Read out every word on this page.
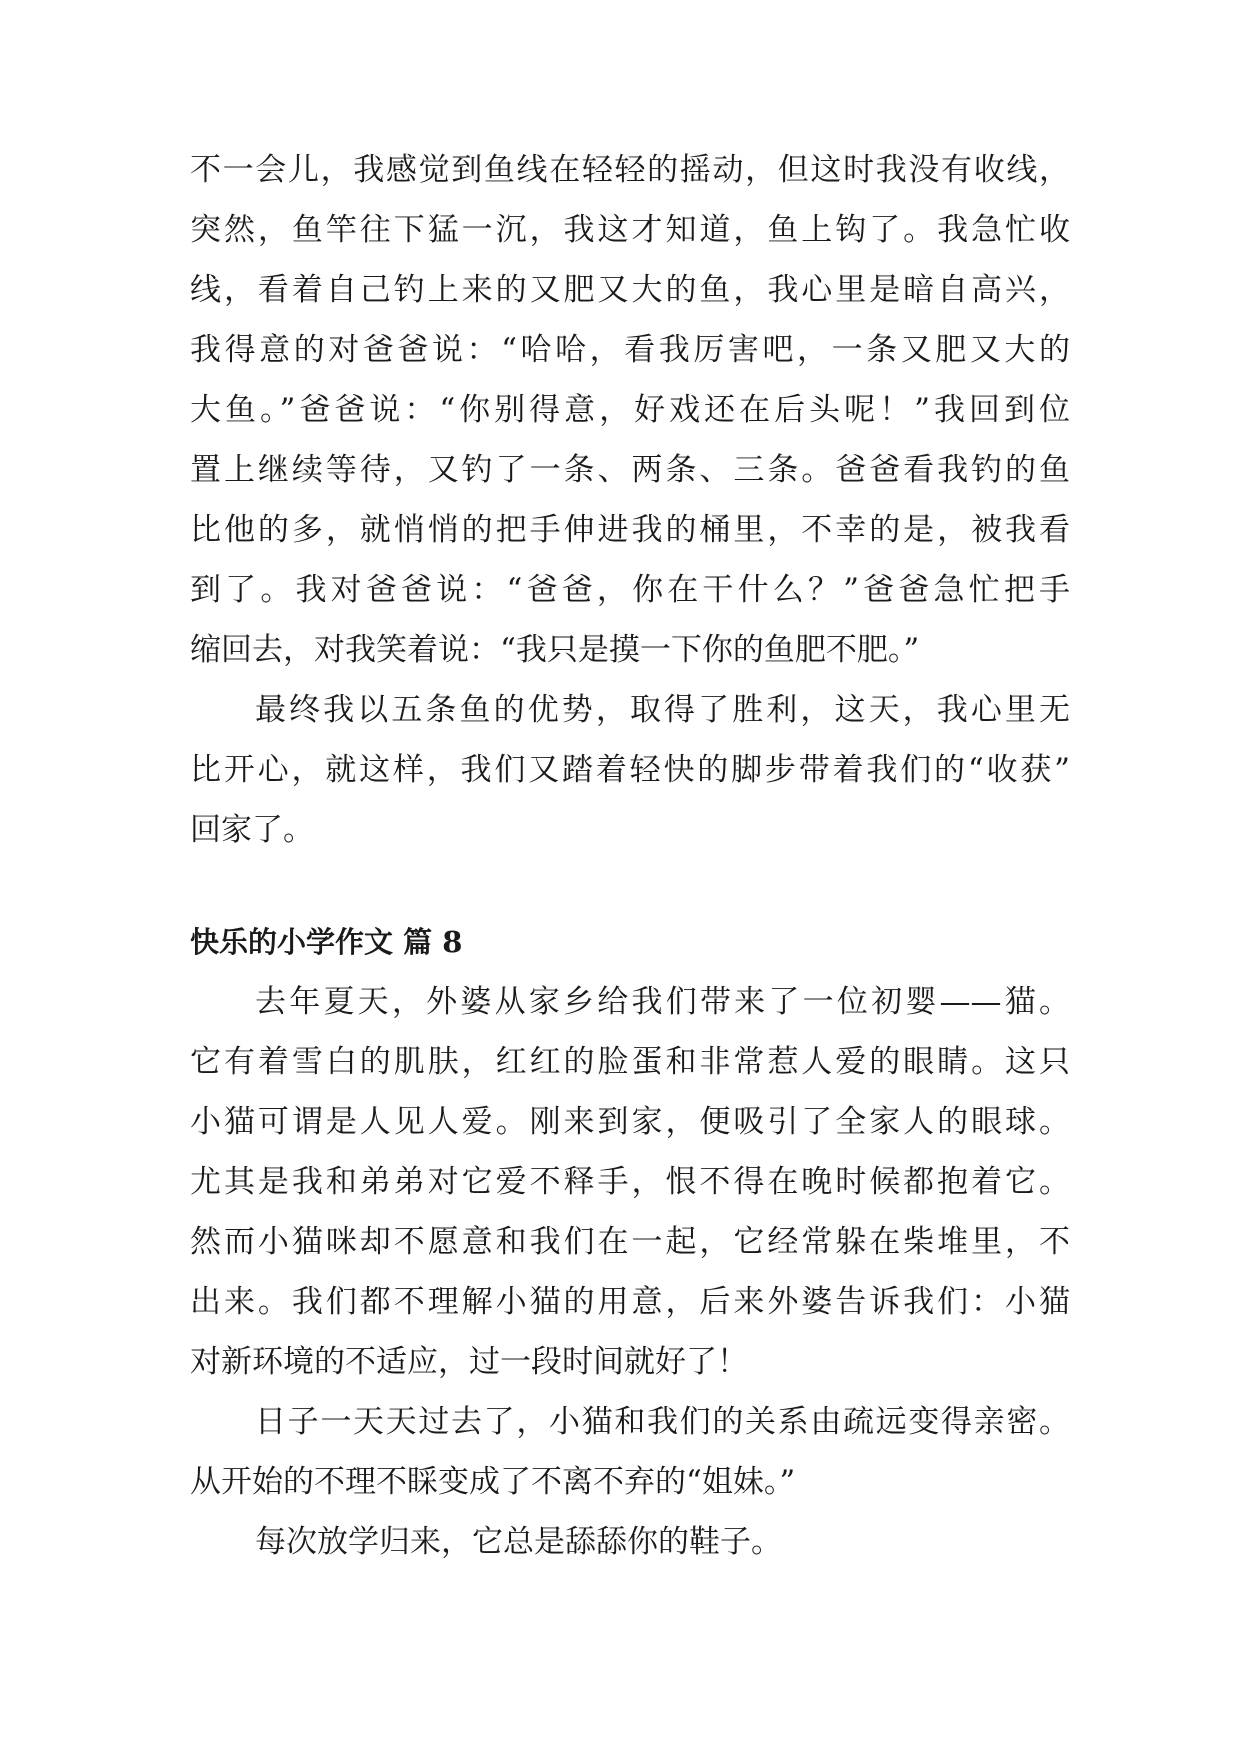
不一会儿，我感觉到鱼线在轻轻的摇动，但这时我没有收线，

突然，鱼竿往下猛一沉，我这才知道，鱼上钩了。我急忙收

线，看着自己钓上来的又肥又大的鱼，我心里是暗自高兴，

我得意的对爸爸说：“哈哈，看我厉害吧，一条又肥又大的

大鱼。”爸爸说：“你别得意，好戏还在后头呢！”我回到位

置上继续等待，又钓了一条、两条、三条。爸爸看我钓的鱼

比他的多，就悄悄的把手伸进我的桶里，不幸的是，被我看

到了。我对爸爸说：“爸爸，你在干什么？”爸爸急忙把手

缩回去，对我笑着说：“我只是摸一下你的鱼肥不肥。”

最终我以五条鱼的优势，取得了胜利，这天，我心里无

比开心，就这样，我们又踏着轻快的脚步带着我们的“收获”

回家了。

快乐的小学作文 篇 8

去年夏天，外婆从家乡给我们带来了一位初婴——猫。

它有着雪白的肌肤，红红的脸蛋和非常惹人爱的眼睛。这只

小猫可谓是人见人爱。刚来到家，便吸引了全家人的眼球。

尤其是我和弟弟对它爱不释手，恨不得在晚时候都抱着它。

然而小猫咪却不愿意和我们在一起，它经常躲在柴堆里，不

出来。我们都不理解小猫的用意，后来外婆告诉我们：小猫

对新环境的不适应，过一段时间就好了！

日子一天天过去了，小猫和我们的关系由疏远变得亲密。

从开始的不理不睬变成了不离不弃的“姐妹。”

每次放学归来，它总是舔舔你的鞋子。
